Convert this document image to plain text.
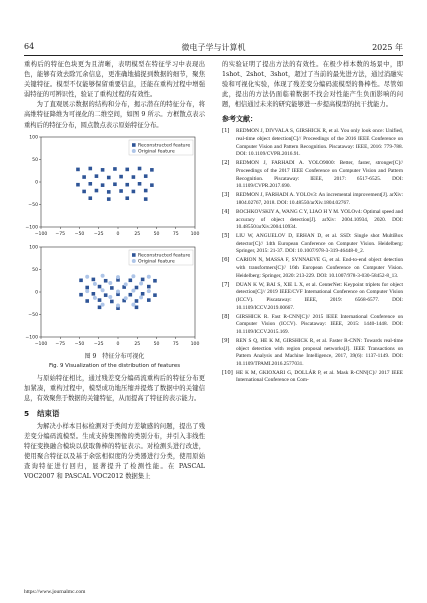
64	微电子学与计算机	2025 年

重构后的特征色块更为且清晰，表明模型在特征学习中表现出色，能够有效去除冗余信息，更准确地捕捉到数据的细节，聚焦关键特征。模型不仅能够保留重要信息，还能在重构过程中增强弱特征的可辨识性，验证了重构过程的有效性。

为了直观展示数据的结构和分布，揭示潜在的特征分布，将高维特征降维为可视化的二维空间，如图 9 所示。方框散点表示重构后的特征分布，圆点散点表示原始特征分布。

−100 −75 −50 −25	0	25	50	75	100
−100
−50
0
50
100
Reconstructed feature
Original feature
−100 −75 −50 −25	0	25	50	75	100
−100
−50
0
50
100
Reconstructed feature
Original feature

图 9　特征分布可视化

Fig. 9 Visualization of the distribution of features

与原始特征相比，通过残差变分编码流重构后的特征分布更加紧凑，重构过程中，模型成功地压缩并提炼了数据中的关键信息，有效聚焦于数据的关键特征，从而提高了特征的表示能力。

5 结束语

为解决小样本目标检测对于类间方差敏感的问题，提出了残差变分编码流模型。生成支持集图像的类别分布，并引入非线性特征变换融合模块以获取鲁棒的特征表示。对检测头进行改进，使用聚合特征以及基于余弦相似度的分类器进行分类，使用原始查询特征进行回归，显著提升了检测性能。在 PASCAL VOC2007 和 PASCAL VOC2012 数据集上

的实验证明了提出方法的有效性。在极少样本数的场景中，即 1shot、2shot、3shot，超过了当前的最先进方法，通过消融实验和可视化实验，体现了残差变分编码流模型的鲁棒性。尽管如此，提出的方法仍面临着数据不找会对性能产生负面影响的问题，相信通过未来的研究能够进一步提高模型的抗干扰能力。

参考文献：
[1]	REDMON J, DIVVALA S, GIRSHICK R, et al. You only look once: Unified, real-time object detection[C]// Proceedings of the 2016 IEEE Conference on Computer Vision and Pattern Recognition. Piscataway: IEEE, 2016: 779-788. DOI: 10.1109/CVPR.2016.91.
[2]	REDMON J, FARHADI A. YOLO9000: Better, faster, stronger[C]// Proceedings of the 2017 IEEE Conference on Computer Vision and Pattern Recognition. Piscataway: IEEE, 2017: 6517-6525. DOI: 10.1109/CVPR.2017.690.
[3]	REDMON J, FARHADI A. YOLOv3: An incremental improvement[J]. arXiv: 1804.02767, 2018. DOI: 10.48550/arXiv.1804.02767.
[4]	BOCHKOVSKIY A, WANG C Y, LIAO H Y M. YOLOv4: Optimal speed and accuracy of object detection[J]. arXiv: 2004.10934, 2020. DOI: 10.48550/arXiv.2004.10934.
[5]	LIU W, ANGUELOV D, ERHAN D, et al. SSD: Single shot MultiBox detector[C]// 14th European Conference on Computer Vision. Heidelberg: Springer, 2015: 21-37. DOI: 10.1007/978-3-319-46448-0_2.
[6]	CARION N, MASSA F, SYNNAEVE G, et al. End-to-end object detection with transformers[C]// 16th European Conference on Computer Vision. Heidelberg: Springer, 2020: 213-229. DOI: 10.1007/978-3-030-58452-8_13.
[7]	DUAN K W, BAI S, XIE L X, et al. CenterNet: Keypoint triplets for object detection[C]// 2019 IEEE/CVF International Conference on Computer Vision (ICCV). Piscataway: IEEE, 2019: 6568-6577. DOI: 10.1109/ICCV.2019.00667.
[8]	GIRSHICK R. Fast R-CNN[C]// 2015 IEEE International Conference on Computer Vision (ICCV). Piscataway: IEEE, 2015: 1440-1448. DOI: 10.1109/ICCV.2015.169.
[9]	REN S Q, HE K M, GIRSHICK R, et al. Faster R-CNN: Towards real-time object detection with region proposal networks[J]. IEEE Transactions on Pattern Analysis and Machine Intelligence, 2017, 39(6): 1137-1149. DOI: 10.1109/TPAMI.2016.2577031.
[10] HE K M, GKIOXARI G, DOLLÁR P, et al. Mask R-CNN[C]// 2017 IEEE International Conference on Com-
https://www.journalmc.com
